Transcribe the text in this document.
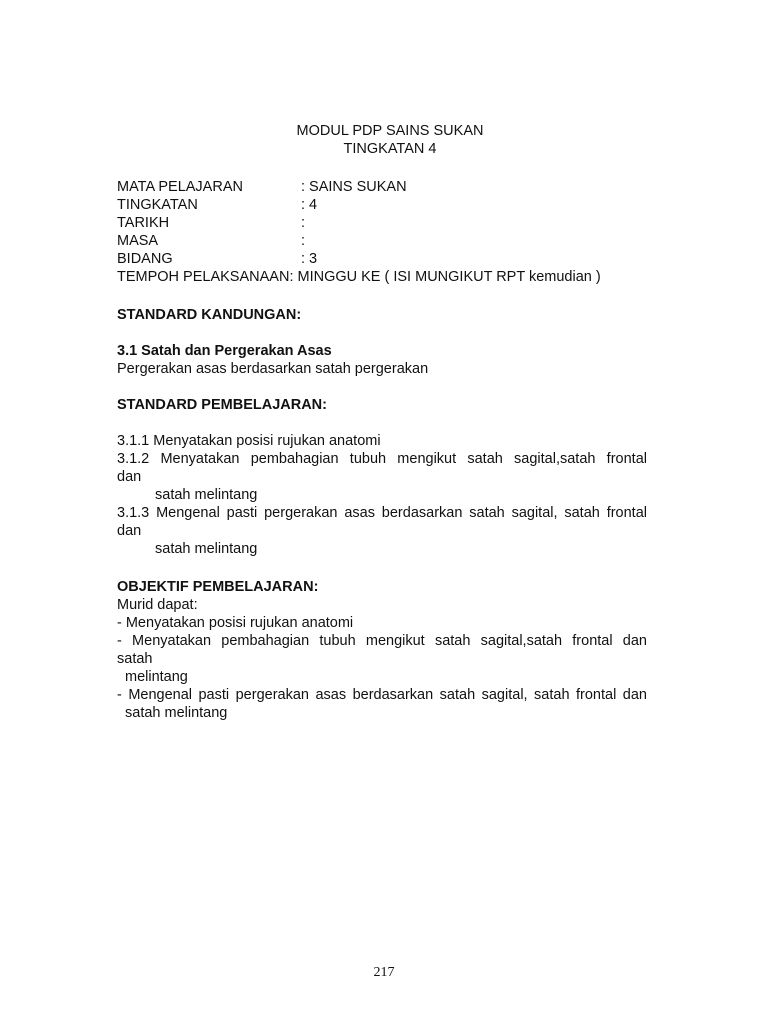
MODUL PDP SAINS SUKAN
TINGKATAN 4
MATA PELAJARAN	: SAINS SUKAN
TINGKATAN	: 4
TARIKH	:
MASA	:
BIDANG	: 3
TEMPOH PELAKSANAAN : MINGGU KE ( ISI MUNGIKUT RPT kemudian )
STANDARD KANDUNGAN:
3.1 Satah dan Pergerakan Asas
Pergerakan asas berdasarkan satah pergerakan
STANDARD PEMBELAJARAN:
3.1.1 Menyatakan posisi rujukan anatomi
3.1.2 Menyatakan pembahagian tubuh mengikut satah sagital,satah frontal
dan
satah melintang
3.1.3 Mengenal pasti pergerakan asas berdasarkan satah sagital, satah frontal
dan
satah melintang
OBJEKTIF PEMBELAJARAN:
Murid dapat:
- Menyatakan posisi rujukan anatomi
- Menyatakan pembahagian tubuh mengikut satah sagital,satah frontal dan
satah
melintang
- Mengenal pasti pergerakan asas berdasarkan satah sagital, satah frontal dan
satah melintang
217
